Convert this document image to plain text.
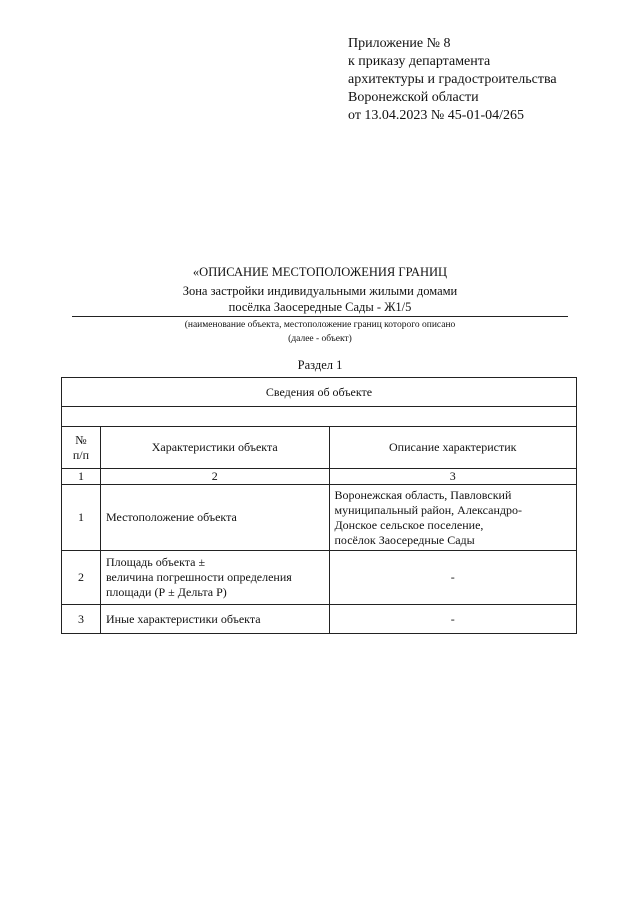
Приложение № 8
к приказу департамента
архитектуры и градостроительства
Воронежской области
от 13.04.2023 № 45-01-04/265
«ОПИСАНИЕ МЕСТОПОЛОЖЕНИЯ ГРАНИЦ
Зона застройки индивидуальными жилыми домами
посёлка Заосередные Сады - Ж1/5
(наименование объекта, местоположение границ которого описано
(далее - объект)
Раздел 1
Сведения об объекте		

№
п/п	Характеристики объекта	Описание характеристик
1	2	3
1	Местоположение объекта	Воронежская область, Павловский
муниципальный район, Александро-
Донское сельское поселение,
посёлок Заосередные Сады

2	Площадь объекта ±
величина погрешности определения
площади (Р ± Дельта Р)	-
3	Иные характеристики объекта	-
